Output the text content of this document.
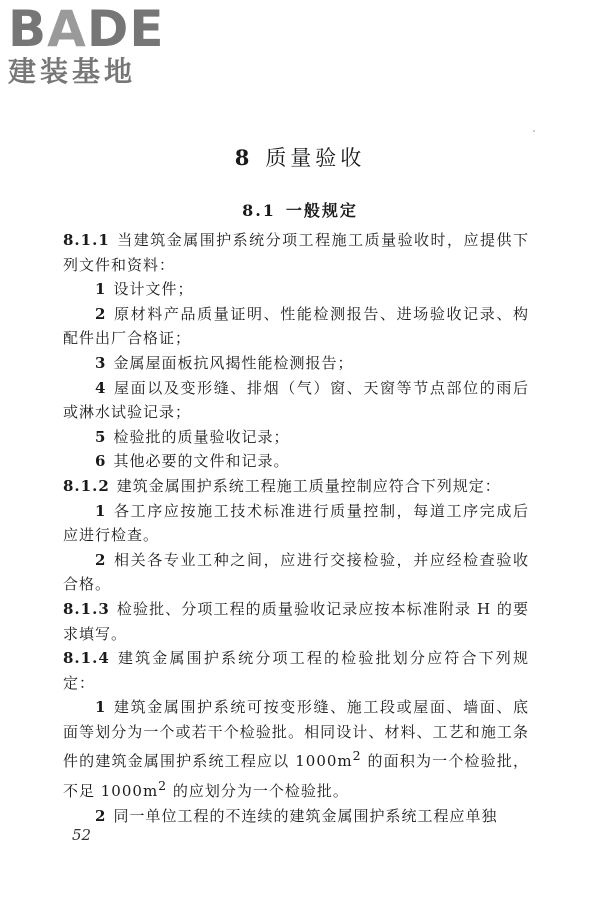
BADE
建装基地
8 质量验收
8.1 一般规定

8.1.1 当建筑金属围护系统分项工程施工质量验收时，应提供下列文件和资料：

1 设计文件；

2 原材料产品质量证明、性能检测报告、进场验收记录、构配件出厂合格证；

3 金属屋面板抗风揭性能检测报告；

4 屋面以及变形缝、排烟（气）窗、天窗等节点部位的雨后或淋水试验记录；

5 检验批的质量验收记录；

6 其他必要的文件和记录。

8.1.2 建筑金属围护系统工程施工质量控制应符合下列规定：

1 各工序应按施工技术标准进行质量控制，每道工序完成后应进行检查。

2 相关各专业工种之间，应进行交接检验，并应经检查验收合格。

8.1.3 检验批、分项工程的质量验收记录应按本标准附录 H 的要求填写。

8.1.4 建筑金属围护系统分项工程的检验批划分应符合下列规定：

1 建筑金属围护系统可按变形缝、施工段或屋面、墙面、底面等划分为一个或若干个检验批。相同设计、材料、工艺和施工条件的建筑金属围护系统工程应以 $1000m^2$ 的面积为一个检验批，不足 $1000m^2$ 的应划分为一个检验批。

2 同一单位工程的不连续的建筑金属围护系统工程应单独

52
